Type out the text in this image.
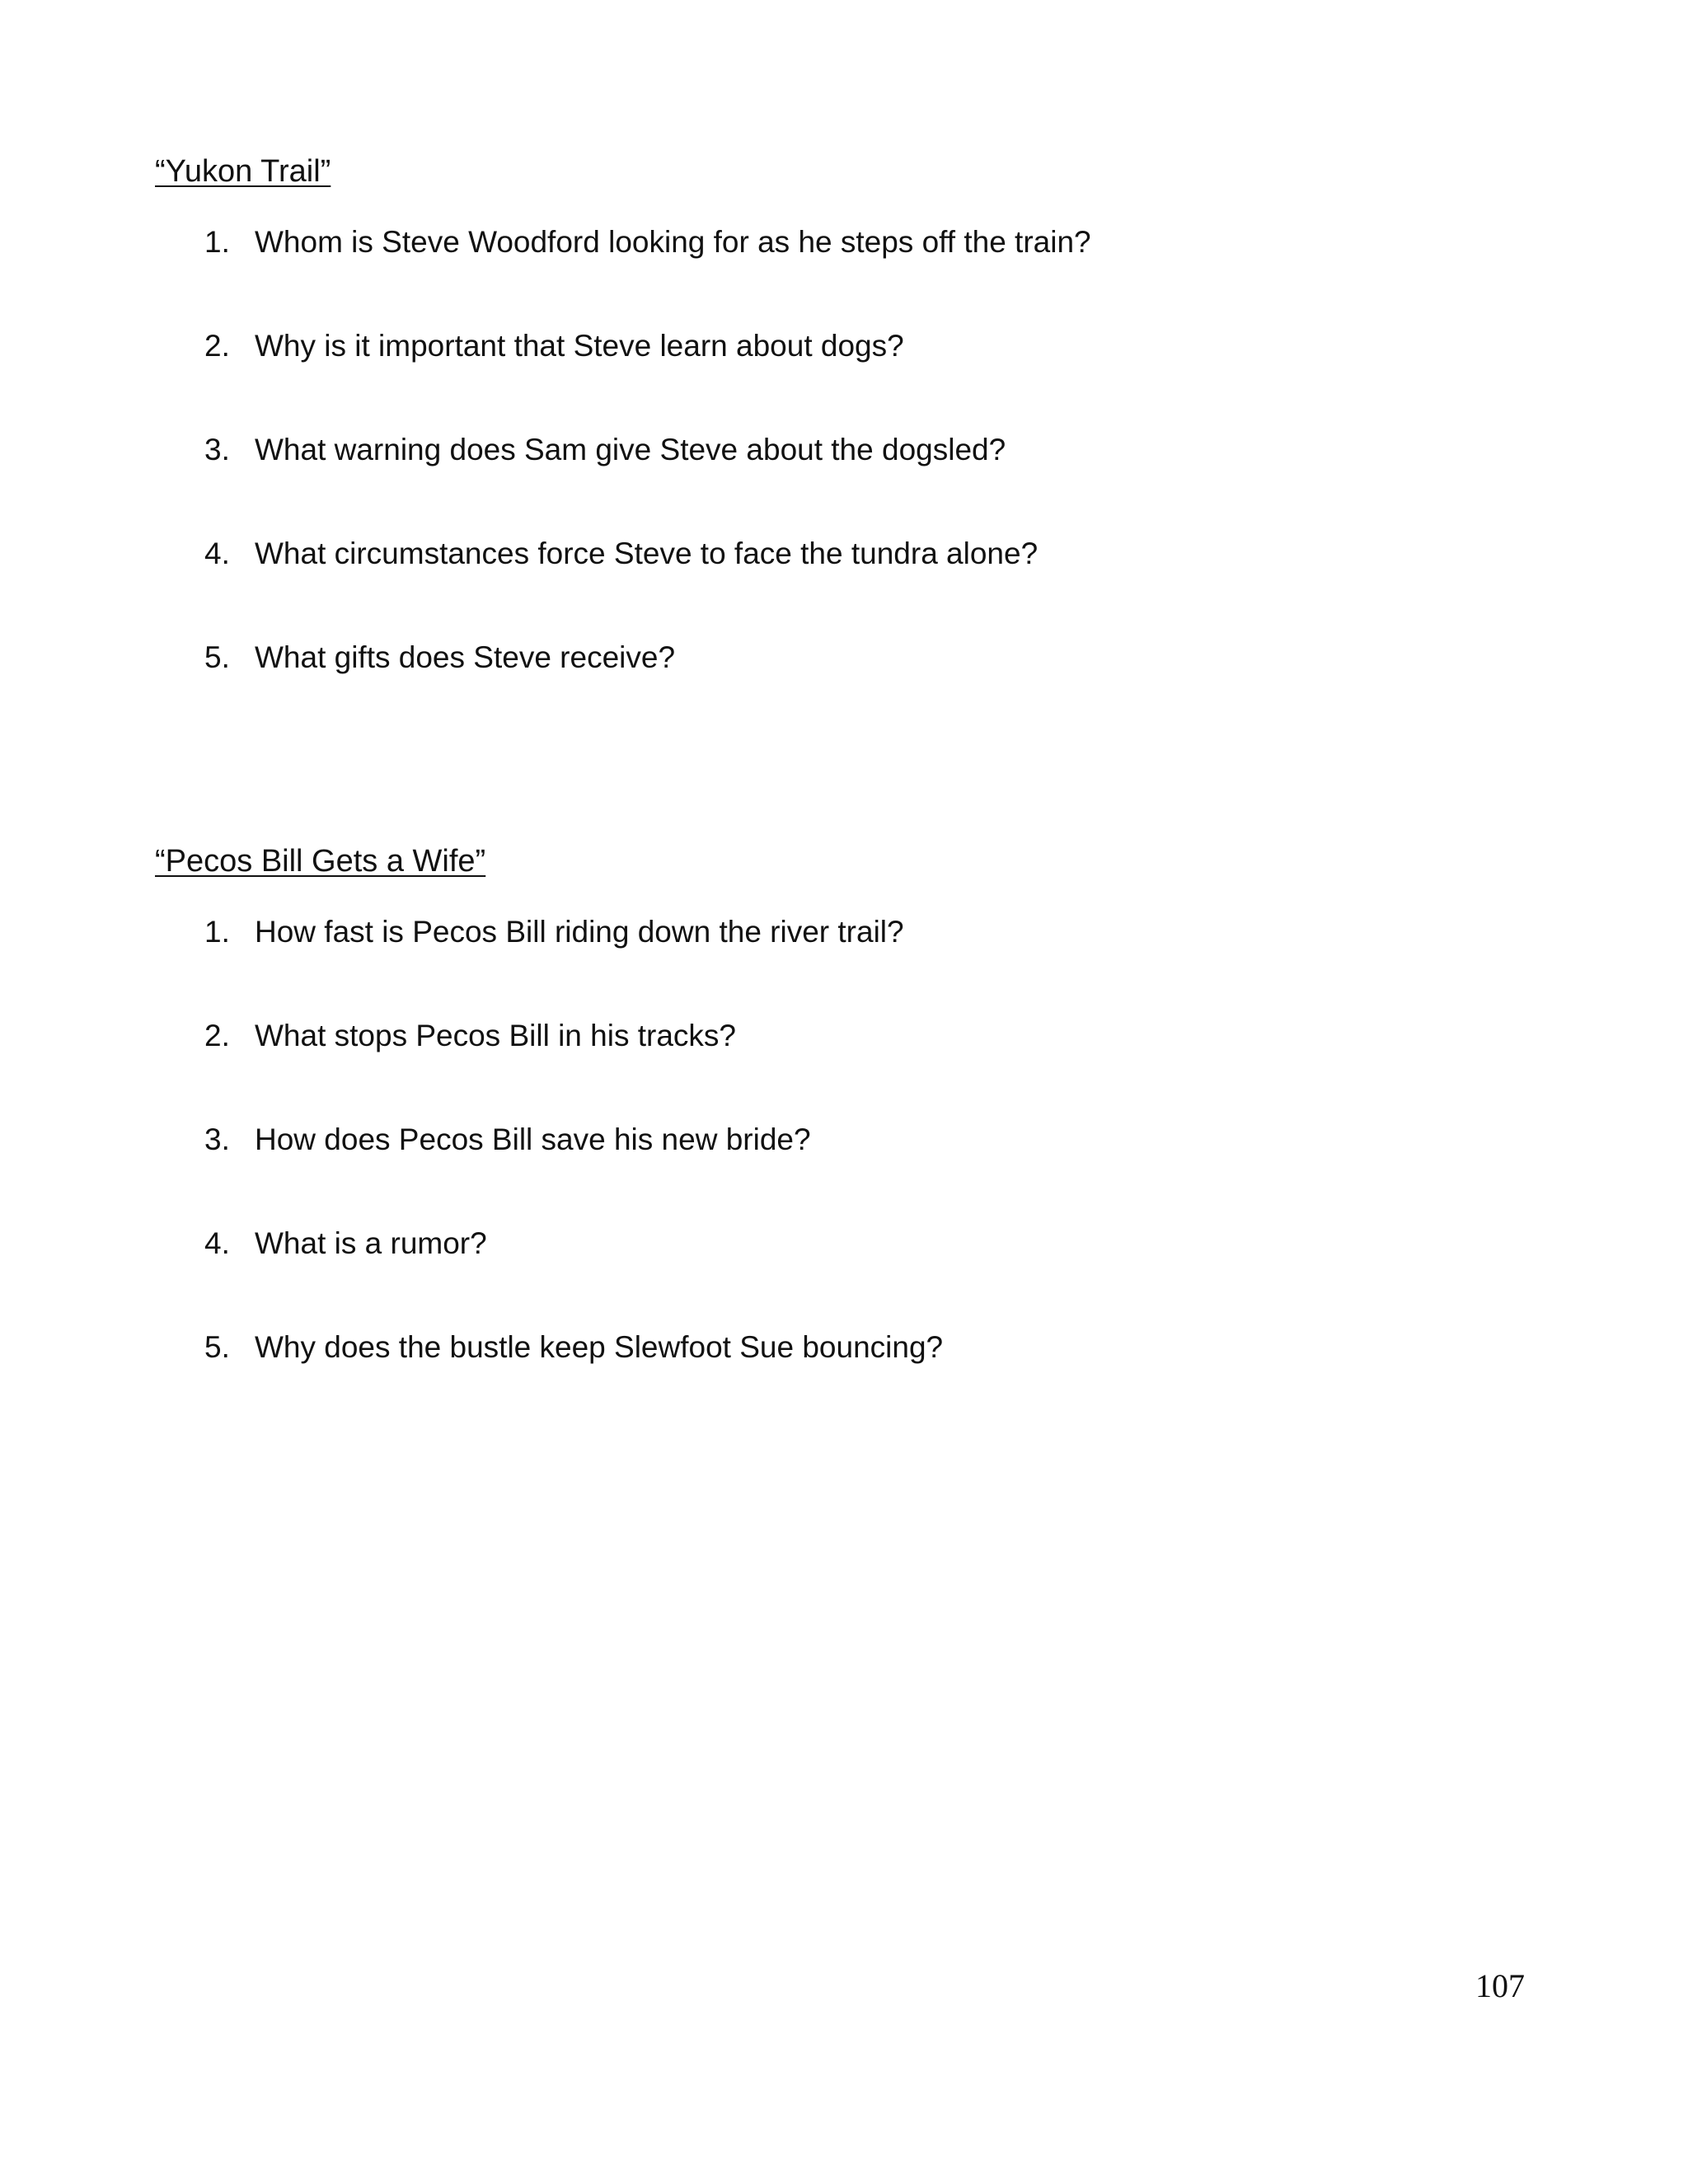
“Yukon Trail”
1. Whom is Steve Woodford looking for as he steps off the train?
2. Why is it important that Steve learn about dogs?
3. What warning does Sam give Steve about the dogsled?
4. What circumstances force Steve to face the tundra alone?
5. What gifts does Steve receive?
“Pecos Bill Gets a Wife”
1. How fast is Pecos Bill riding down the river trail?
2. What stops Pecos Bill in his tracks?
3. How does Pecos Bill save his new bride?
4. What is a rumor?
5. Why does the bustle keep Slewfoot Sue bouncing?
107
